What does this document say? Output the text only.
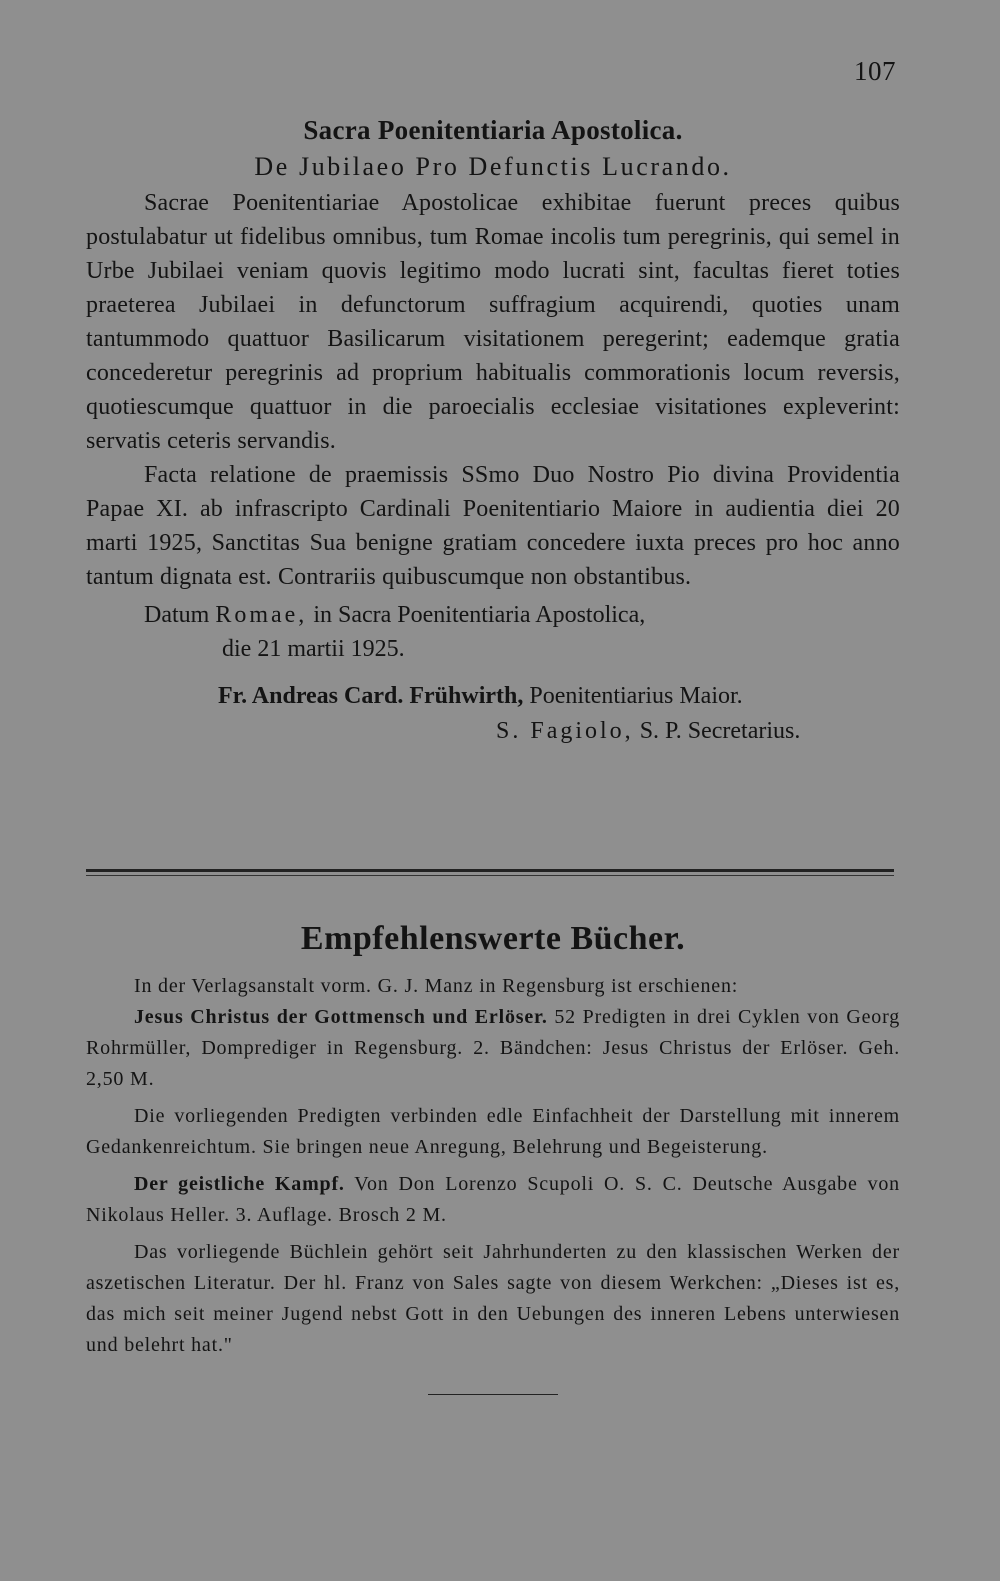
107
Sacra Poenitentiaria Apostolica.
De Jubilaeo Pro Defunctis Lucrando.

Sacrae Poenitentiariae Apostolicae exhibitae fuerunt preces quibus postulabatur ut fidelibus omnibus, tum Romae incolis tum peregrinis, qui semel in Urbe Jubilaei veniam quovis legitimo modo lucrati sint, facultas fieret toties praeterea Jubilaei in defunctorum suffragium acquirendi, quoties unam tantummodo quattuor Basilicarum visitationem peregerint; eademque gratia concederetur peregrinis ad proprium habitualis commorationis locum reversis, quotiescumque quattuor in die paroecialis ecclesiae visitationes expleverint: servatis ceteris servandis.

Facta relatione de praemissis SSmo Duo Nostro Pio divina Providentia Papae XI. ab infrascripto Cardinali Poenitentiario Maiore in audientia diei 20 marti 1925, Sanctitas Sua benigne gratiam concedere iuxta preces pro hoc anno tantum dignata est. Contrariis quibuscumque non obstantibus.

Datum Romae, in Sacra Poenitentiaria Apostolica,
die 21 martii 1925.
Fr. Andreas Card. Frühwirth, Poenitentiarius Maior.
S. Fagiolo, S. P. Secretarius.
Empfehlenswerte Bücher.

In der Verlagsanstalt vorm. G. J. Manz in Regensburg ist erschienen:

Jesus Christus der Gottmensch und Erlöser. 52 Predigten in drei Cyklen von Georg Rohrmüller, Domprediger in Regensburg. 2. Bändchen: Jesus Christus der Erlöser. Geh. 2,50 M.

Die vorliegenden Predigten verbinden edle Einfachheit der Darstellung mit innerem Gedankenreichtum. Sie bringen neue Anregung, Belehrung und Begeisterung.

Der geistliche Kampf. Von Don Lorenzo Scupoli O. S. C. Deutsche Ausgabe von Nikolaus Heller. 3. Auflage. Brosch 2 M.

Das vorliegende Büchlein gehört seit Jahrhunderten zu den klassischen Werken der aszetischen Literatur. Der hl. Franz von Sales sagte von diesem Werkchen: „Dieses ist es, das mich seit meiner Jugend nebst Gott in den Uebungen des inneren Lebens unterwiesen und belehrt hat."
